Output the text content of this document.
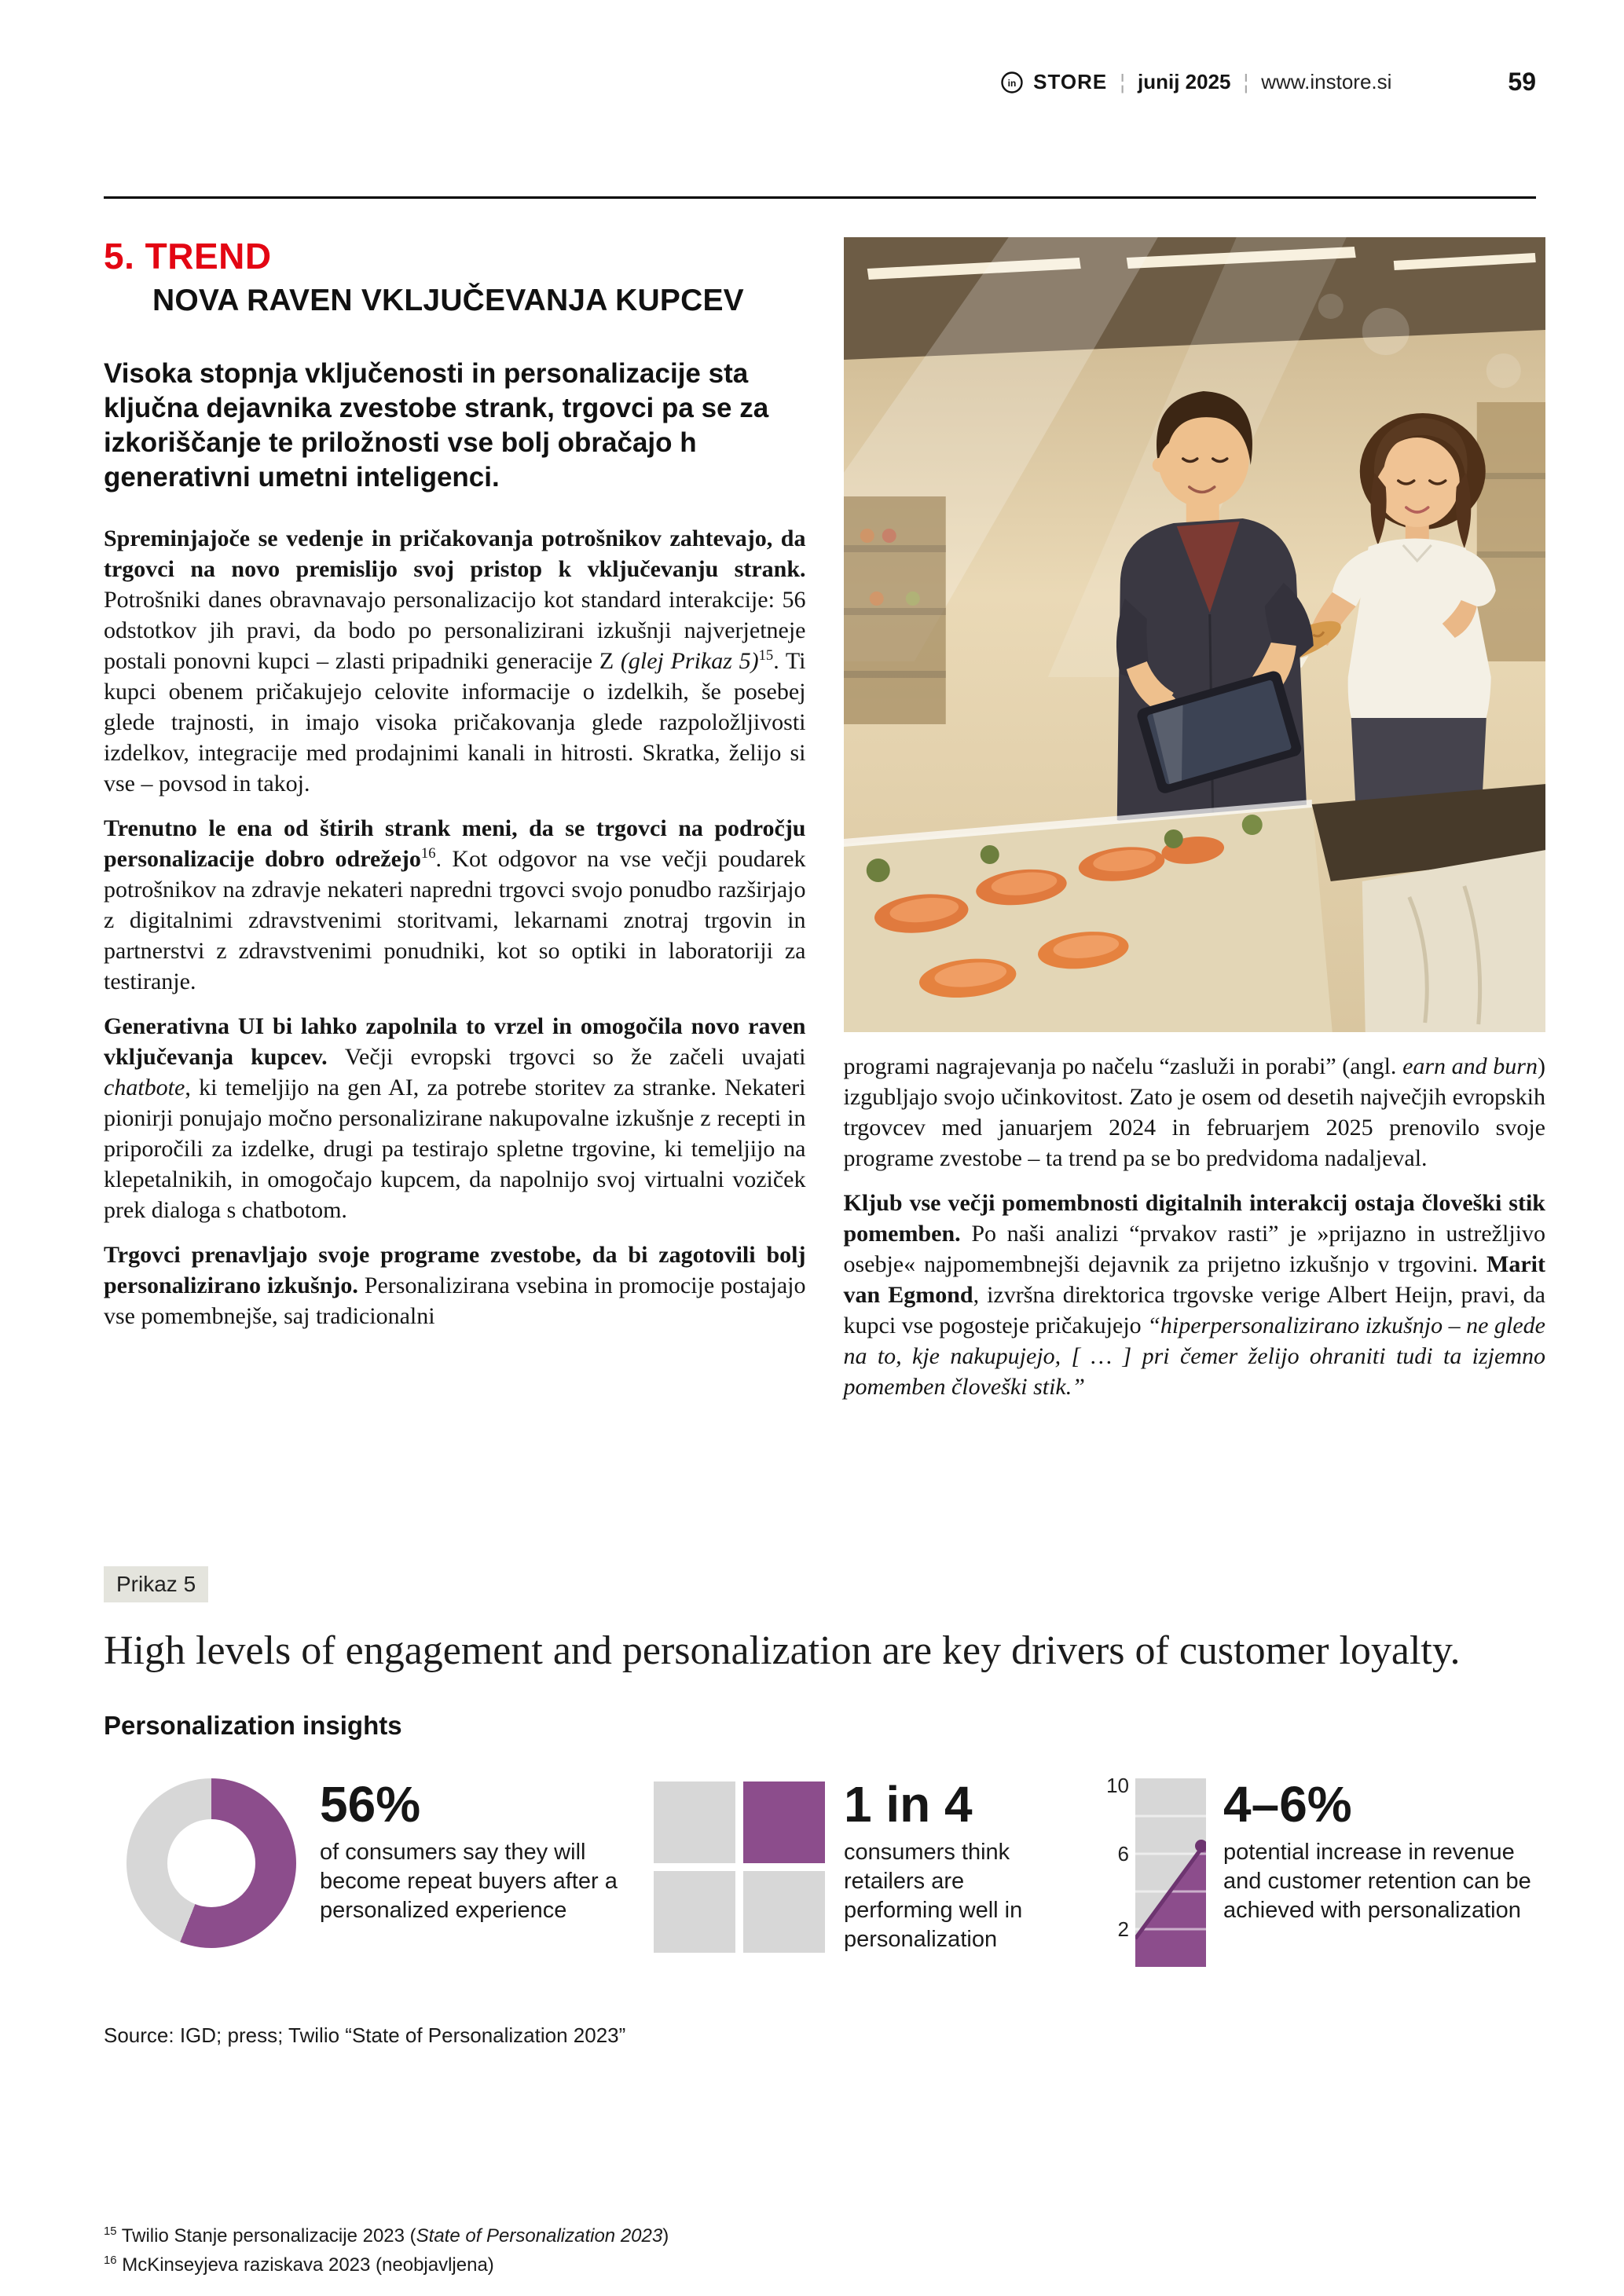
in STORE ¦ junij 2025 ¦ www.instore.si	59
5. TREND
NOVA RAVEN VKLJUČEVANJA KUPCEV

Visoka stopnja vključenosti in personalizacije sta ključna dejavnika zvestobe strank, trgovci pa se za izkoriščanje te priložnosti vse bolj obračajo h generativni umetni inteligenci.

Spreminjajoče se vedenje in pričakovanja potrošnikov zahtevajo, da trgovci na novo premislijo svoj pristop k vključevanju strank. Potrošniki danes obravnavajo personalizacijo kot standard interakcije: 56 odstotkov jih pravi, da bodo po personalizirani izkušnji najverjetneje postali ponovni kupci – zlasti pripadniki generacije Z (glej Prikaz 5)$^{15}$. Ti kupci obenem pričakujejo celovite informacije o izdelkih, še posebej glede trajnosti, in imajo visoka pričakovanja glede razpoložljivosti izdelkov, integracije med prodajnimi kanali in hitrosti. Skratka, želijo si vse – povsod in takoj.

Trenutno le ena od štirih strank meni, da se trgovci na področju personalizacije dobro odrežejo$^{16}$. Kot odgovor na vse večji poudarek potrošnikov na zdravje nekateri napredni trgovci svojo ponudbo razširjajo z digitalnimi zdravstvenimi storitvami, lekarnami znotraj trgovin in partnerstvi z zdravstvenimi ponudniki, kot so optiki in laboratoriji za testiranje.

Generativna UI bi lahko zapolnila to vrzel in omogočila novo raven vključevanja kupcev. Večji evropski trgovci so že začeli uvajati chatbote, ki temeljijo na gen AI, za potrebe storitev za stranke. Nekateri pionirji ponujajo močno personalizirane nakupovalne izkušnje z recepti in priporočili za izdelke, drugi pa testirajo spletne trgovine, ki temeljijo na klepetalnikih, in omogočajo kupcem, da napolnijo svoj virtualni voziček prek dialoga s chatbotom.

Trgovci prenavljajo svoje programe zvestobe, da bi zagotovili bolj personalizirano izkušnjo. Personalizirana vsebina in promocije postajajo vse pomembnejše, saj tradicionalni

programi nagrajevanja po načelu “zasluži in porabi” (angl. earn and burn) izgubljajo svojo učinkovitost. Zato je osem od desetih največjih evropskih trgovcev med januarjem 2024 in februarjem 2025 prenovilo svoje programe zvestobe – ta trend pa se bo predvidoma nadaljeval.

Kljub vse večji pomembnosti digitalnih interakcij ostaja človeški stik pomemben. Po naši analizi “prvakov rasti” je »prijazno in ustrežljivo osebje« najpomembnejši dejavnik za prijetno izkušnjo v trgovini. Marit van Egmond, izvršna direktorica trgovske verige Albert Heijn, pravi, da kupci vse pogosteje pričakujejo “hiperpersonalizirano izkušnjo – ne glede na to, kje nakupujejo, [ … ] pri čemer želijo ohraniti tudi ta izjemno pomemben človeški stik.”

Prikaz 5
High levels of engagement and personalization are key drivers of customer loyalty.
Personalization insights
56%
of consumers say they will become repeat buyers after a personalized experience
1 in 4
consumers think retailers are performing well in personalization
10
6
2
4–6%
potential increase in revenue and customer retention can be achieved with personalization
Source: IGD; press; Twilio “State of Personalization 2023”

$^{15}$ Twilio Stanje personalizacije 2023 (State of Personalization 2023)

$^{16}$ McKinseyjeva raziskava 2023 (neobjavljena)
